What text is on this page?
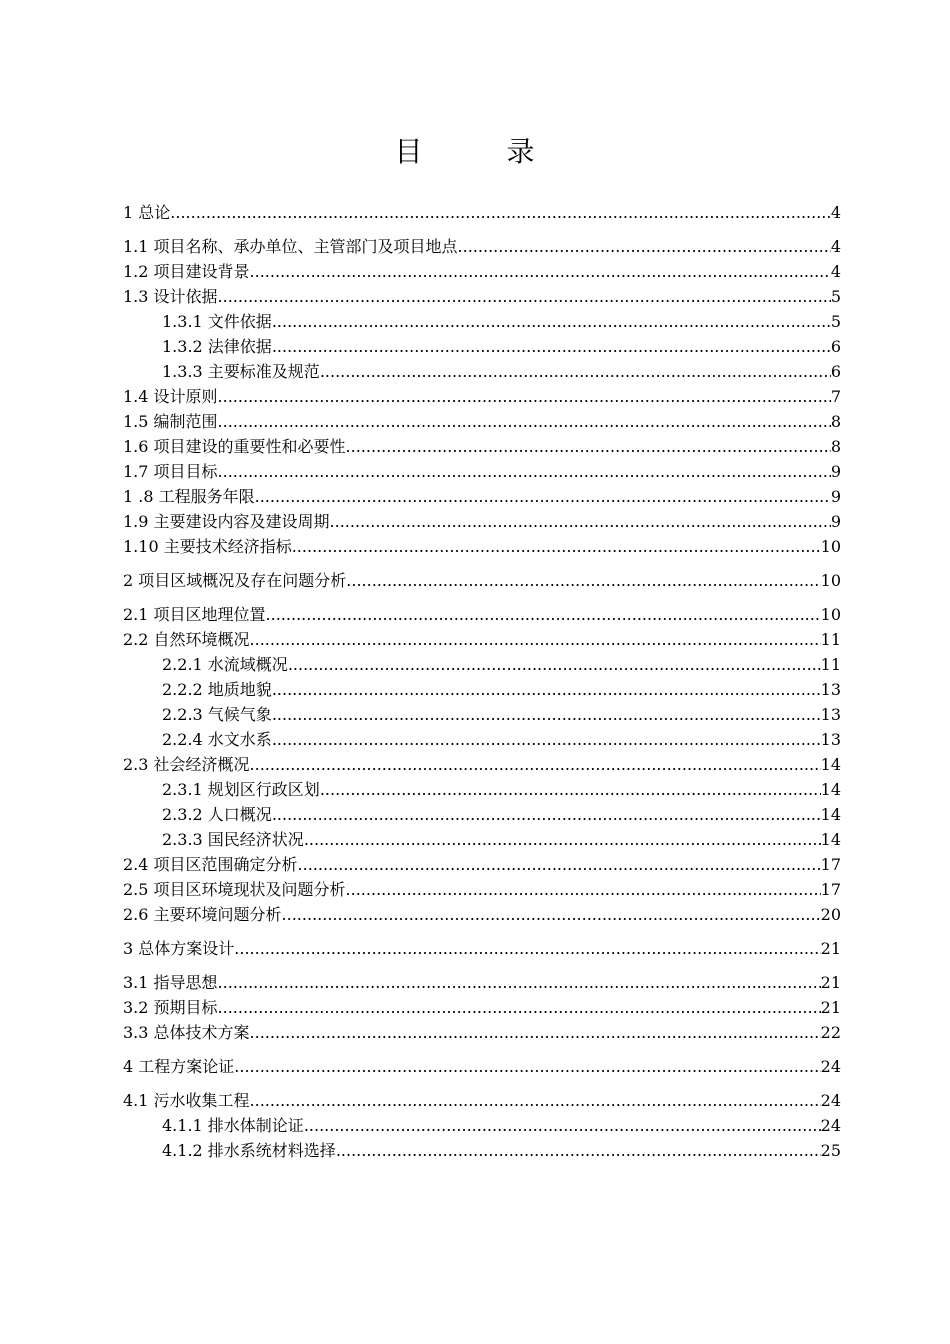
目录
1 总论 .....	4
1.1 项目名称、承办单位、主管部门及项目地点 .....	4
1.2 项目建设背景 .....	4
1.3 设计依据 .....	5
1.3.1 文件依据 .....	5
1.3.2 法律依据 .....	6
1.3.3 主要标准及规范 .....	6
1.4 设计原则 .....	7
1.5 编制范围 .....	8
1.6 项目建设的重要性和必要性 .....	8
1.7 项目目标 .....	9
1 .8 工程服务年限 .....	9
1.9 主要建设内容及建设周期 .....	9
1.10 主要技术经济指标 .....	10
2 项目区域概况及存在问题分析 .....	10
2.1 项目区地理位置 .....	10
2.2 自然环境概况 .....	11
2.2.1 水流域概况 .....	11
2.2.2 地质地貌 .....	13
2.2.3 气候气象 .....	13
2.2.4 水文水系 .....	13
2.3 社会经济概况 .....	14
2.3.1 规划区行政区划 .....	14
2.3.2 人口概况 .....	14
2.3.3 国民经济状况 .....	14
2.4 项目区范围确定分析 .....	17
2.5 项目区环境现状及问题分析 .....	17
2.6 主要环境问题分析 .....	20
3 总体方案设计 .....	21
3.1 指导思想 .....	21
3.2 预期目标 .....	21
3.3 总体技术方案 .....	22
4 工程方案论证 .....	24
4.1 污水收集工程 .....	24
4.1.1 排水体制论证 .....	24
4.1.2 排水系统材料选择 .....	25
